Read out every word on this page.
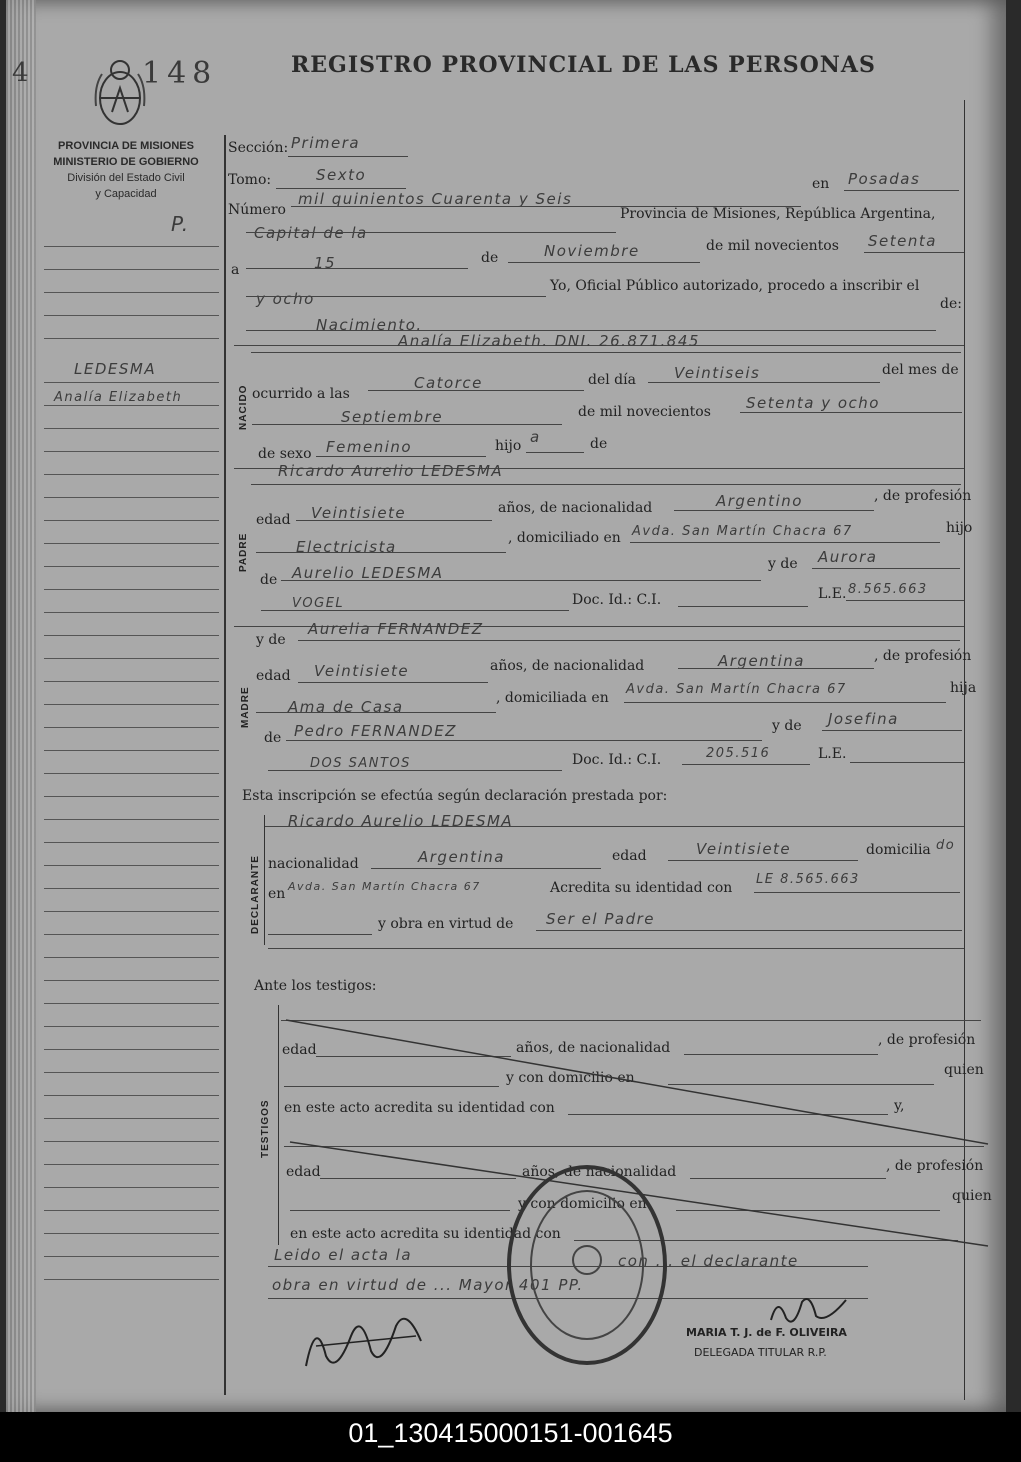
4	148	REGISTRO PROVINCIAL DE LAS PERSONAS
PROVINCIA DE MISIONES
MINISTERIO DE GOBIERNO
División del Estado Civil
y Capacidad
P.
LEDESMA
Analía Elizabeth
Sección: Primera
Tomo:	Sexto
Número
mil quinientos Cuarenta y Seis
en Posadas
Capital de la
Provincia de Misiones, República Argentina,
a	15	de	Noviembre	de mil novecientos Setenta
y ocho
Yo, Oficial Público autorizado, procedo a inscribir el
Nacimiento.
de:
Analía Elizabeth. DNI. 26.871.845
NACIDO ocurrido a las
Catorce	del día	Veintiseis	del mes de
Septiembre	de mil novecientos Setenta y ocho
de sexo Femenino	hijo a	de
Ricardo Aurelio LEDESMA
PADRE
edad Veintisiete	años, de nacionalidad	Argentino	, de profesión
Electricista	, domiciliado en Avda. San Martín Chacra 67	hijo
de Aurelio LEDESMA	y de Aurora
VOGEL	Doc. Id.: C.I.	L.E. 8.565.663
y de
Aurelia FERNANDEZ
MADRE
edad Veintisiete	años, de nacionalidad	Argentina	, de profesión
Ama de Casa	, domiciliada en
Avda. San Martín Chacra 67	hija
de Pedro FERNANDEZ	y de Josefina
DOS SANTOS	Doc. Id.: C.I.	205.516	L.E.
Esta inscripción se efectúa según declaración prestada por:
Ricardo Aurelio LEDESMA
DECLARANTE nacionalidad	Argentina	edad	Veintisiete	domicilia do
en Avda. San Martín Chacra 67	Acredita su identidad con
LE 8.565.663
y obra en virtud de Ser el Padre
Ante los testigos:
TESTIGOS
edad	años, de nacionalidad	, de profesión
y con domicilio en	quien
en este acto acredita su identidad con	y,
edad	años, de nacionalidad	, de profesión
y con domicilio en	quien
en este acto acredita su identidad con
Leido el acta la	con ... el declarante
obra en virtud de ... Mayor 401 PP.
MARIA T. J. de F. OLIVEIRA
DELEGADA TITULAR R.P.
01_130415000151-001645
